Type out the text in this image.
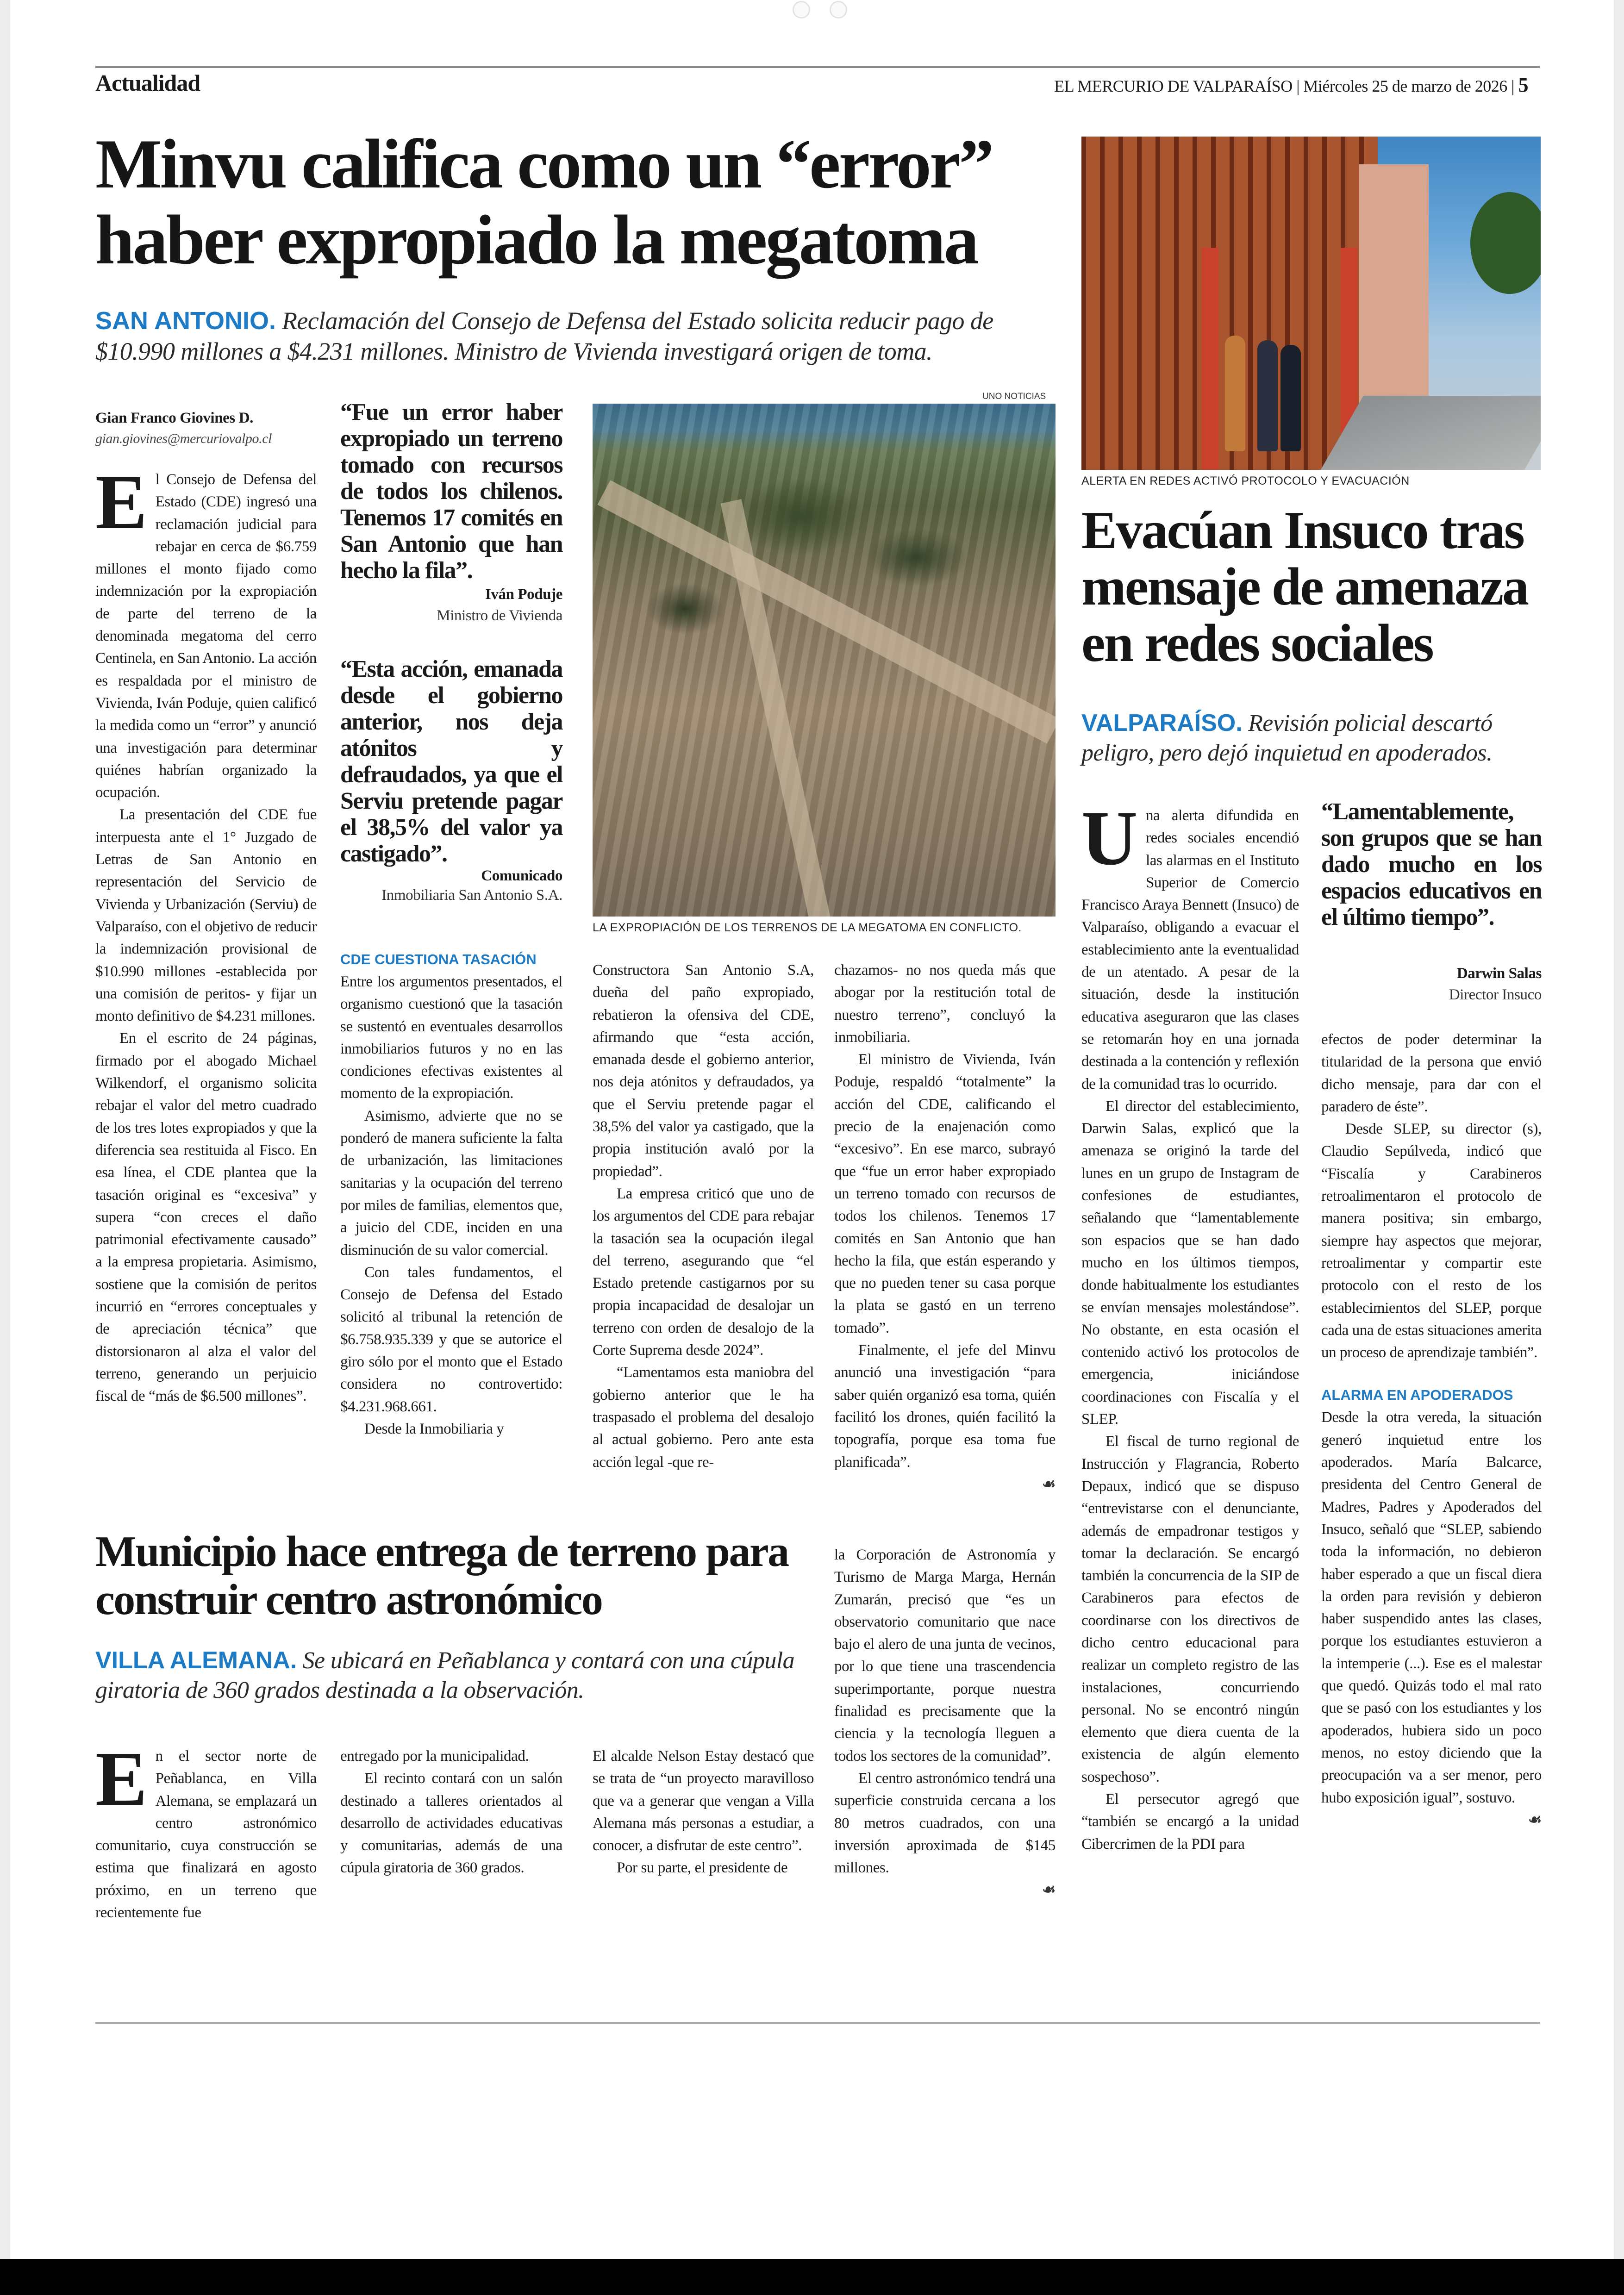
Actualidad	EL MERCURIO DE VALPARAÍSO | Miércoles 25 de marzo de 2026 | 5
Minvu califica como un “error” haber expropiado la megatoma
SAN ANTONIO. Reclamación del Consejo de Defensa del Estado solicita reducir pago de $10.990 millones a $4.231 millones. Ministro de Vivienda investigará origen de toma.
Gian Franco Giovines D.
gian.giovines@mercuriovalpo.cl
E l Consejo de Defensa del Estado (CDE) ingresó una reclamación judicial para rebajar en cerca de $6.759 millones el monto fijado como indemnización por la expropiación de parte del terreno de la denominada megatoma del cerro Centinela, en San Antonio. La acción es respaldada por el ministro de Vivienda, Iván Poduje, quien calificó la medida como un “error” y anunció una investigación para determinar quiénes habrían organizado la ocupación.

La presentación del CDE fue interpuesta ante el 1° Juzgado de Letras de San Antonio en representación del Servicio de Vivienda y Urbanización (Serviu) de Valparaíso, con el objetivo de reducir la indemnización provisional de $10.990 millones -establecida por una comisión de peritos- y fijar un monto definitivo de $4.231 millones.

En el escrito de 24 páginas, firmado por el abogado Michael Wilkendorf, el organismo solicita rebajar el valor del metro cuadrado de los tres lotes expropiados y que la diferencia sea restituida al Fisco. En esa línea, el CDE plantea que la tasación original es “excesiva” y supera “con creces el daño patrimonial efectivamente causado” a la empresa propietaria. Asimismo, sostiene que la comisión de peritos incurrió en “errores conceptuales y de apreciación técnica” que distorsionaron al alza el valor del terreno, generando un perjuicio fiscal de “más de $6.500 millones”.

“Fue un error haber expropiado un terreno tomado con recursos de todos los chilenos. Tenemos 17 comités en San Antonio que han hecho la fila”.
Iván Poduje
Ministro de Vivienda
“Esta acción, emanada desde el gobierno anterior, nos deja atónitos y defraudados, ya que el Serviu pretende pagar el 38,5% del valor ya castigado”.
Comunicado
Inmobiliaria San Antonio S.A.
CDE CUESTIONA TASACIÓN

Entre los argumentos presentados, el organismo cuestionó que la tasación se sustentó en eventuales desarrollos inmobiliarios futuros y no en las condiciones efectivas existentes al momento de la expropiación.

Asimismo, advierte que no se ponderó de manera suficiente la falta de urbanización, las limitaciones sanitarias y la ocupación del terreno por miles de familias, elementos que, a juicio del CDE, inciden en una disminución de su valor comercial.

Con tales fundamentos, el Consejo de Defensa del Estado solicitó al tribunal la retención de $6.758.935.339 y que se autorice el giro sólo por el monto que el Estado considera no controvertido: $4.231.968.661.

Desde la Inmobiliaria y

UNO NOTICIAS
LA EXPROPIACIÓN DE LOS TERRENOS DE LA MEGATOMA EN CONFLICTO.

Constructora San Antonio S.A, dueña del paño expropiado, rebatieron la ofensiva del CDE, afirmando que “esta acción, emanada desde el gobierno anterior, nos deja atónitos y defraudados, ya que el Serviu pretende pagar el 38,5% del valor ya castigado, que la propia institución avaló por la propiedad”.

La empresa criticó que uno de los argumentos del CDE para rebajar la tasación sea la ocupación ilegal del terreno, asegurando que “el Estado pretende castigarnos por su propia incapacidad de desalojar un terreno con orden de desalojo de la Corte Suprema desde 2024”.

“Lamentamos esta maniobra del gobierno anterior que le ha traspasado el problema del desalojo al actual gobierno. Pero ante esta acción legal -que re-

chazamos- no nos queda más que abogar por la restitución total de nuestro terreno”, concluyó la inmobiliaria.

El ministro de Vivienda, Iván Poduje, respaldó “totalmente” la acción del CDE, calificando el precio de la enajenación como “excesivo”. En ese marco, subrayó que “fue un error haber expropiado un terreno tomado con recursos de todos los chilenos. Tenemos 17 comités en San Antonio que han hecho la fila, que están esperando y que no pueden tener su casa porque la plata se gastó en un terreno tomado”.

Finalmente, el jefe del Minvu anunció una investigación “para saber quién organizó esa toma, quién facilitó los drones, quién facilitó la topografía, porque esa toma fue planificada”.

☙
ALERTA EN REDES ACTIVÓ PROTOCOLO Y EVACUACIÓN
Evacúan Insuco tras mensaje de amenaza en redes sociales
VALPARAÍSO. Revisión policial descartó peligro, pero dejó inquietud en apoderados.
U na alerta difundida en redes sociales encendió las alarmas en el Instituto Superior de Comercio Francisco Araya Bennett (Insuco) de Valparaíso, obligando a evacuar el establecimiento ante la eventualidad de un atentado. A pesar de la situación, desde la institución educativa aseguraron que las clases se retomarán hoy en una jornada destinada a la contención y reflexión de la comunidad tras lo ocurrido.

El director del establecimiento, Darwin Salas, explicó que la amenaza se originó la tarde del lunes en un grupo de Instagram de confesiones de estudiantes, señalando que “lamentablemente son espacios que se han dado mucho en los últimos tiempos, donde habitualmente los estudiantes se envían mensajes molestándose”. No obstante, en esta ocasión el contenido activó los protocolos de emergencia, iniciándose coordinaciones con Fiscalía y el SLEP.

El fiscal de turno regional de Instrucción y Flagrancia, Roberto Depaux, indicó que se dispuso “entrevistarse con el denunciante, además de empadronar testigos y tomar la declaración. Se encargó también la concurrencia de la SIP de Carabineros para efectos de coordinarse con los directivos de dicho centro educacional para realizar un completo registro de las instalaciones, concurriendo personal. No se encontró ningún elemento que diera cuenta de la existencia de algún elemento sospechoso”.

El persecutor agregó que “también se encargó a la unidad Cibercrimen de la PDI para

“Lamentablemente, son grupos que se han dado mucho en los espacios educativos en el último tiempo”.
Darwin Salas
Director Insuco

efectos de poder determinar la titularidad de la persona que envió dicho mensaje, para dar con el paradero de éste”.

Desde SLEP, su director (s), Claudio Sepúlveda, indicó que “Fiscalía y Carabineros retroalimentaron el protocolo de manera positiva; sin embargo, siempre hay aspectos que mejorar, retroalimentar y compartir este protocolo con el resto de los establecimientos del SLEP, porque cada una de estas situaciones amerita un proceso de aprendizaje también”.

ALARMA EN APODERADOS

Desde la otra vereda, la situación generó inquietud entre los apoderados. María Balcarce, presidenta del Centro General de Madres, Padres y Apoderados del Insuco, señaló que “SLEP, sabiendo toda la información, no debieron haber esperado a que un fiscal diera la orden para revisión y debieron haber suspendido antes las clases, porque los estudiantes estuvieron a la intemperie (...). Ese es el malestar que quedó. Quizás todo el mal rato que se pasó con los estudiantes y los apoderados, hubiera sido un poco menos, no estoy diciendo que la preocupación va a ser menor, pero hubo exposición igual”, sostuvo.

☙
Municipio hace entrega de terreno para construir centro astronómico
VILLA ALEMANA. Se ubicará en Peñablanca y contará con una cúpula giratoria de 360 grados destinada a la observación.
E n el sector norte de Peñablanca, en Villa Alemana, se emplazará un centro astronómico comunitario, cuya construcción se estima que finalizará en agosto próximo, en un terreno que recientemente fue

entregado por la municipalidad.

El recinto contará con un salón destinado a talleres orientados al desarrollo de actividades educativas y comunitarias, además de una cúpula giratoria de 360 grados.

El alcalde Nelson Estay destacó que se trata de “un proyecto maravilloso que va a generar que vengan a Villa Alemana más personas a estudiar, a conocer, a disfrutar de este centro”.

Por su parte, el presidente de

la Corporación de Astronomía y Turismo de Marga Marga, Hernán Zumarán, precisó que “es un observatorio comunitario que nace bajo el alero de una junta de vecinos, por lo que tiene una trascendencia superimportante, porque nuestra finalidad es precisamente que la ciencia y la tecnología lleguen a todos los sectores de la comunidad”.

El centro astronómico tendrá una superficie construida cercana a los 80 metros cuadrados, con una inversión aproximada de $145 millones.

☙
